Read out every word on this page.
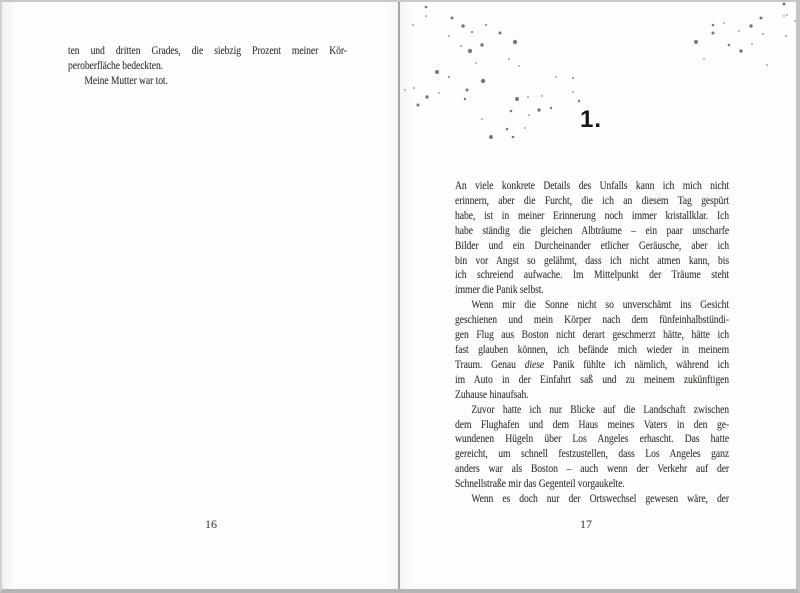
ten und dritten Grades, die siebzig Prozent meiner Kör-
peroberfläche bedeckten.
Meine Mutter war tot.
16
1.
An viele konkrete Details des Unfalls kann ich mich nicht
erinnern, aber die Furcht, die ich an diesem Tag gespürt
habe, ist in meiner Erinnerung noch immer kristallklar. Ich
habe ständig die gleichen Albträume – ein paar unscharfe
Bilder und ein Durcheinander etlicher Geräusche, aber ich
bin vor Angst so gelähmt, dass ich nicht atmen kann, bis
ich schreiend aufwache. Im Mittelpunkt der Träume steht
immer die Panik selbst.
Wenn mir die Sonne nicht so unverschämt ins Gesicht
geschienen und mein Körper nach dem fünfeinhalbstündi-
gen Flug aus Boston nicht derart geschmerzt hätte, hätte ich
fast glauben können, ich befände mich wieder in meinem
Traum. Genau diese Panik fühlte ich nämlich, während ich
im Auto in der Einfahrt saß und zu meinem zukünftigen
Zuhause hinaufsah.
Zuvor hatte ich nur Blicke auf die Landschaft zwischen
dem Flughafen und dem Haus meines Vaters in den ge-
wundenen Hügeln über Los Angeles erhascht. Das hatte
gereicht, um schnell festzustellen, dass Los Angeles ganz
anders war als Boston – auch wenn der Verkehr auf der
Schnellstraße mir das Gegenteil vorgaukelte.
Wenn es doch nur der Ortswechsel gewesen wäre, der
17
